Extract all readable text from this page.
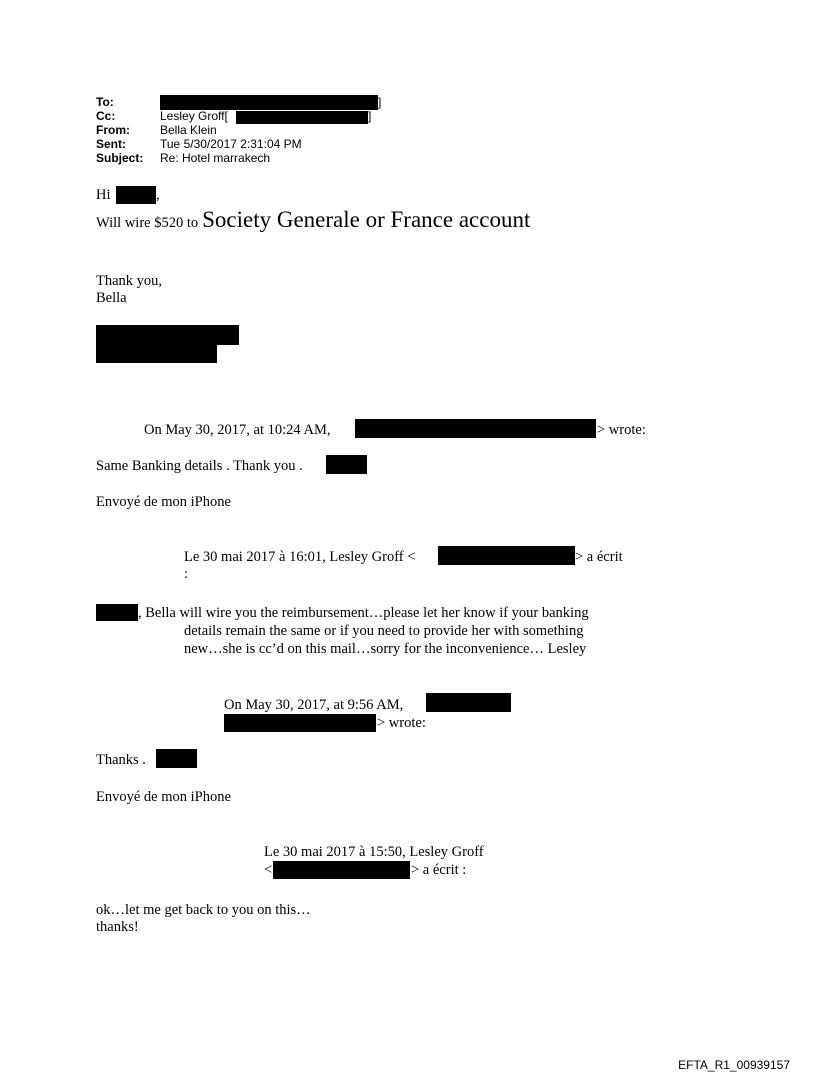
To:	]
Cc:	Lesley Groff[	]
From:	Bella Klein
Sent:	Tue 5/30/2017 2:31:04 PM
Subject: Re: Hotel marrakech
Hi	,
Will wire $520 to Society Generale or France account
Thank you,
Bella
On May 30, 2017, at 10:24 AM,	> wrote:
Same Banking details . Thank you .
Envoyé de mon iPhone
Le 30 mai 2017 à 16:01, Lesley Groff <	> a écrit
:
, Bella will wire you the reimbursement…please let her know if your banking
details remain the same or if you need to provide her with something
new…she is cc’d on this mail…sorry for the inconvenience… Lesley
On May 30, 2017, at 9:56 AM,
> wrote:
Thanks .
Envoyé de mon iPhone
Le 30 mai 2017 à 15:50, Lesley Groff
<	> a écrit :
ok…let me get back to you on this…
thanks!
EFTA_R1_00939157
